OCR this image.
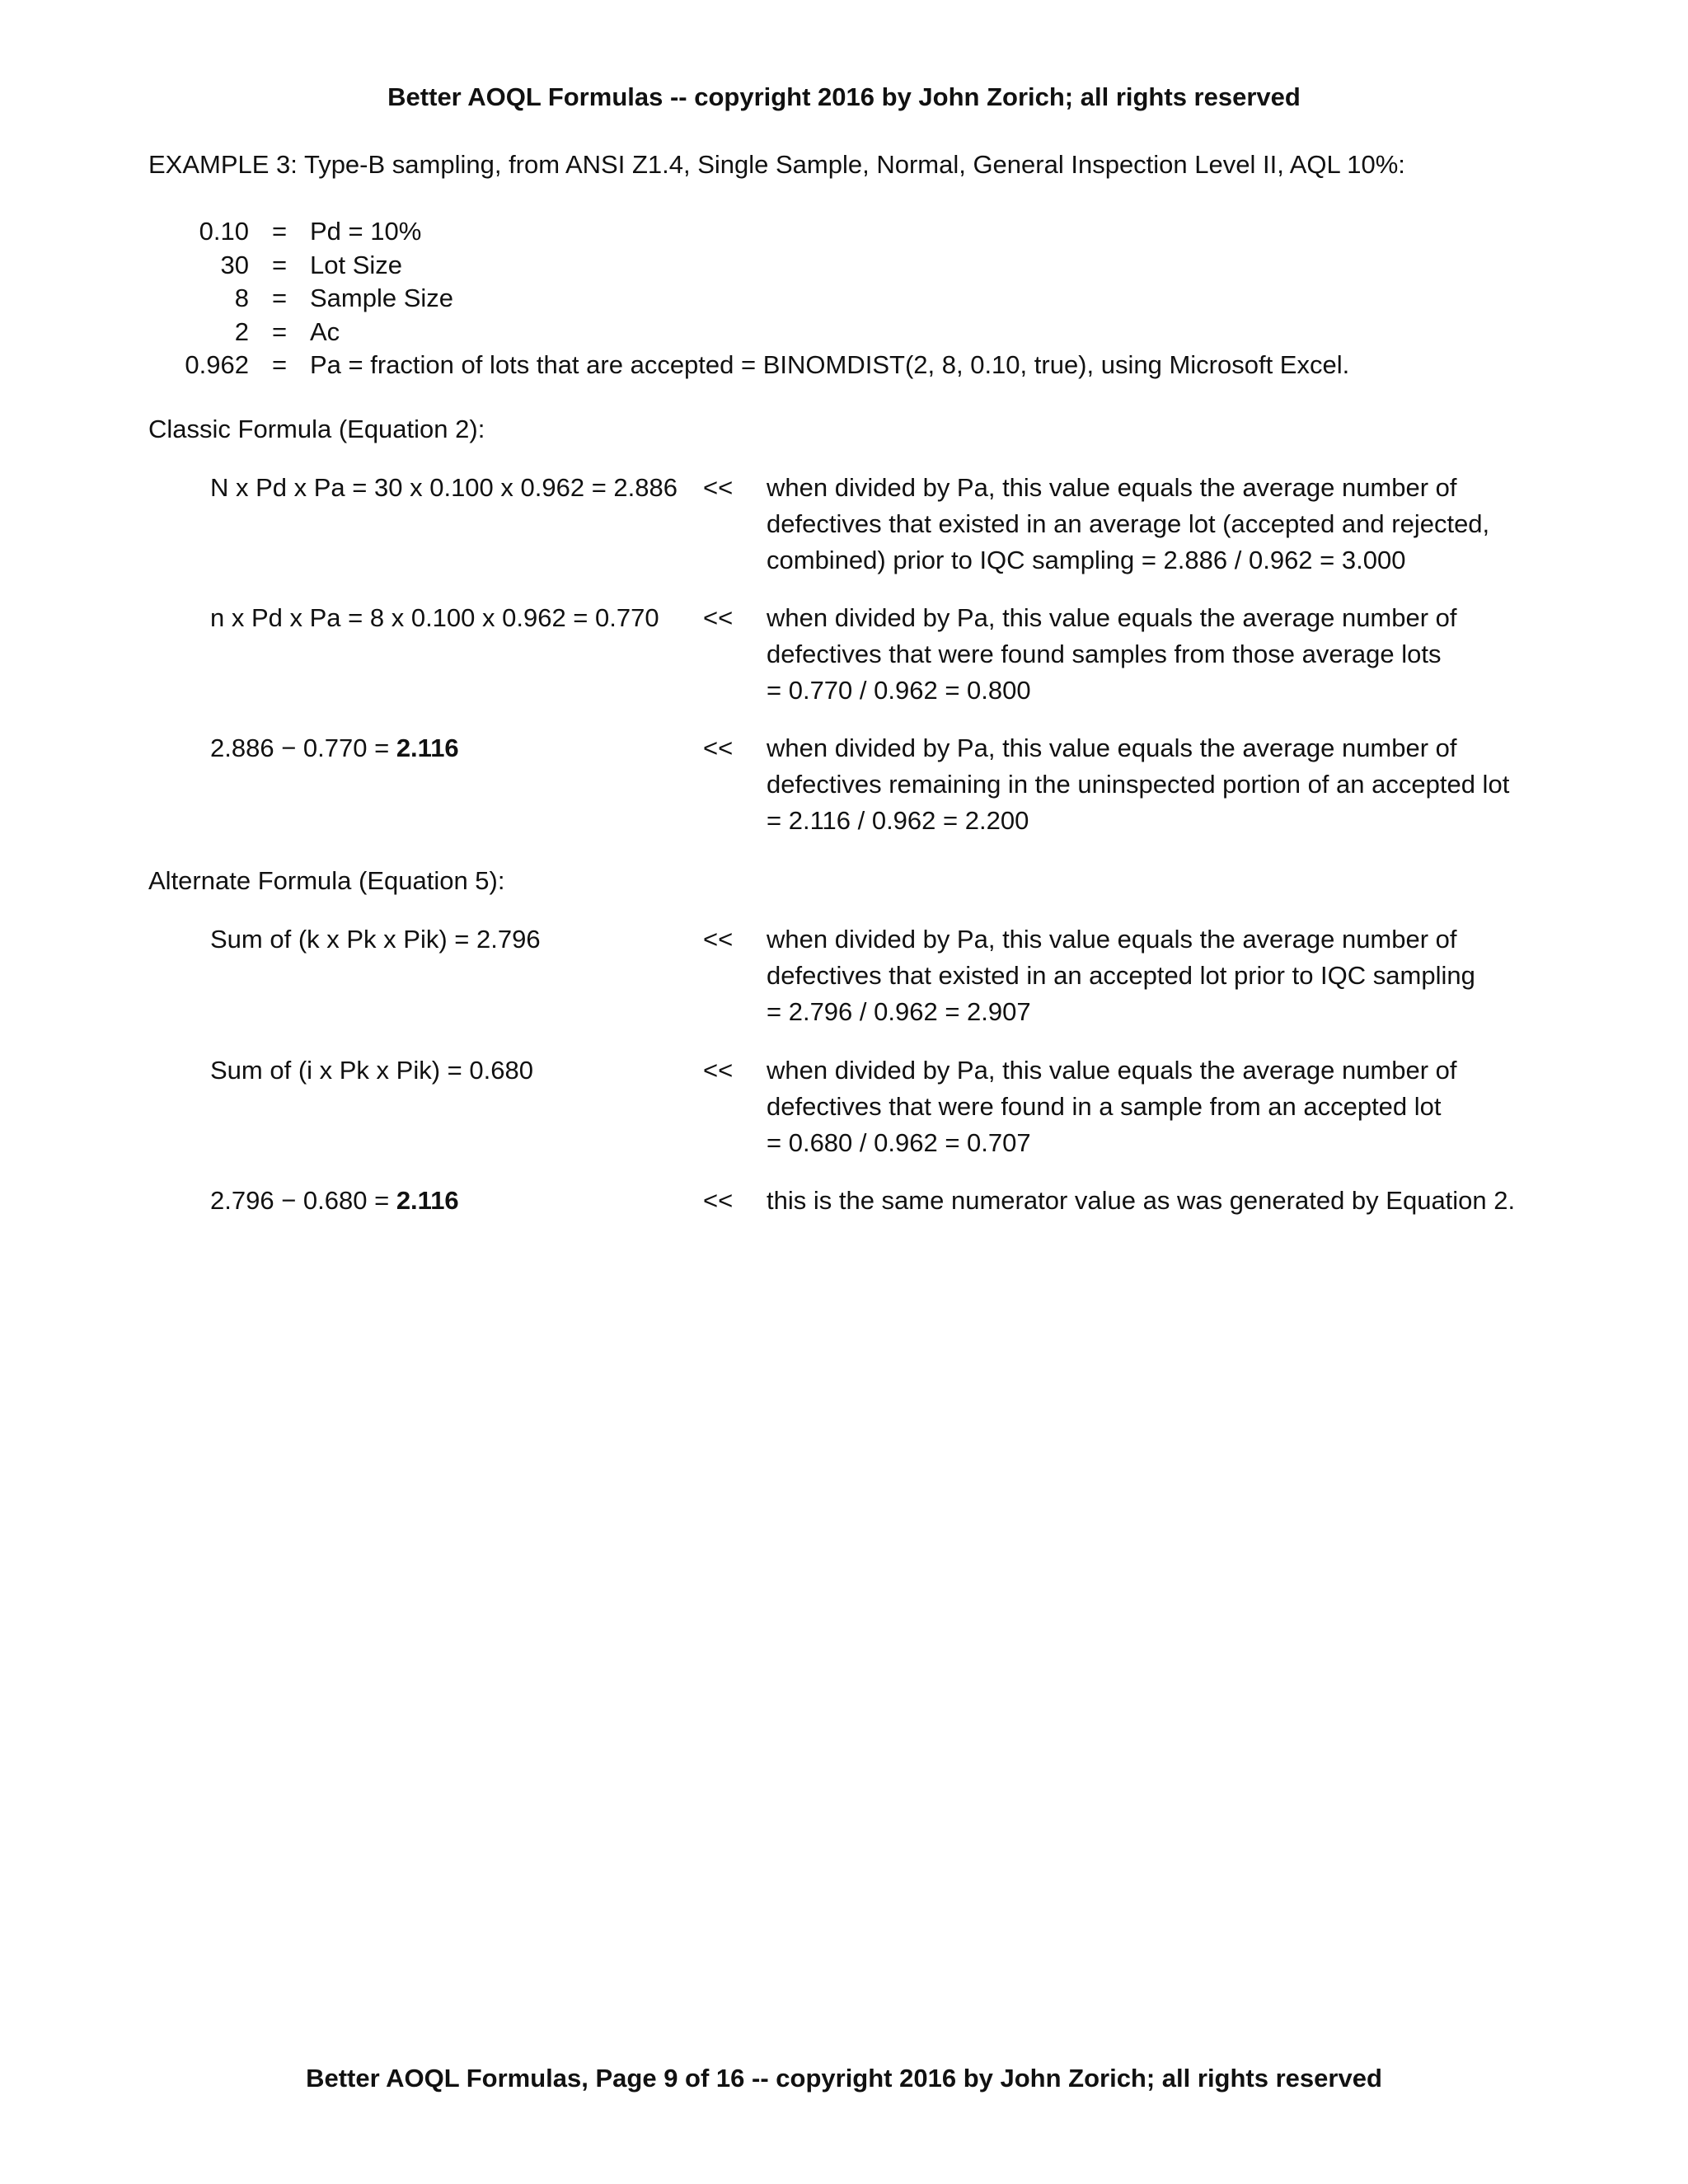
Better AOQL Formulas -- copyright 2016 by John Zorich; all rights reserved
EXAMPLE 3: Type-B sampling, from ANSI Z1.4, Single Sample, Normal, General Inspection Level II, AQL 10%:
0.10 = Pd = 10%
30 = Lot Size
8 = Sample Size
2 = Ac
0.962 = Pa = fraction of lots that are accepted = BINOMDIST(2, 8, 0.10, true), using Microsoft Excel.
Classic Formula (Equation 2):
N x Pd x Pa = 30 x 0.100 x 0.962 = 2.886 << when divided by Pa, this value equals the average number of
defectives that existed in an average lot (accepted and rejected,
combined) prior to IQC sampling = 2.886 / 0.962 = 3.000
n x Pd x Pa = 8 x 0.100 x 0.962 = 0.770 << when divided by Pa, this value equals the average number of
defectives that were found samples from those average lots
= 0.770 / 0.962 = 0.800
2.886 − 0.770 = 2.116	<< when divided by Pa, this value equals the average number of
defectives remaining in the uninspected portion of an accepted lot
= 2.116 / 0.962 = 2.200
Alternate Formula (Equation 5):
Sum of (k x Pk x Pik) = 2.796	<< when divided by Pa, this value equals the average number of
defectives that existed in an accepted lot prior to IQC sampling
= 2.796 / 0.962 = 2.907
Sum of (i x Pk x Pik) = 0.680	<< when divided by Pa, this value equals the average number of
defectives that were found in a sample from an accepted lot
= 0.680 / 0.962 = 0.707
2.796 − 0.680 = 2.116	<< this is the same numerator value as was generated by Equation 2.
Better AOQL Formulas, Page 9 of 16 -- copyright 2016 by John Zorich; all rights reserved
